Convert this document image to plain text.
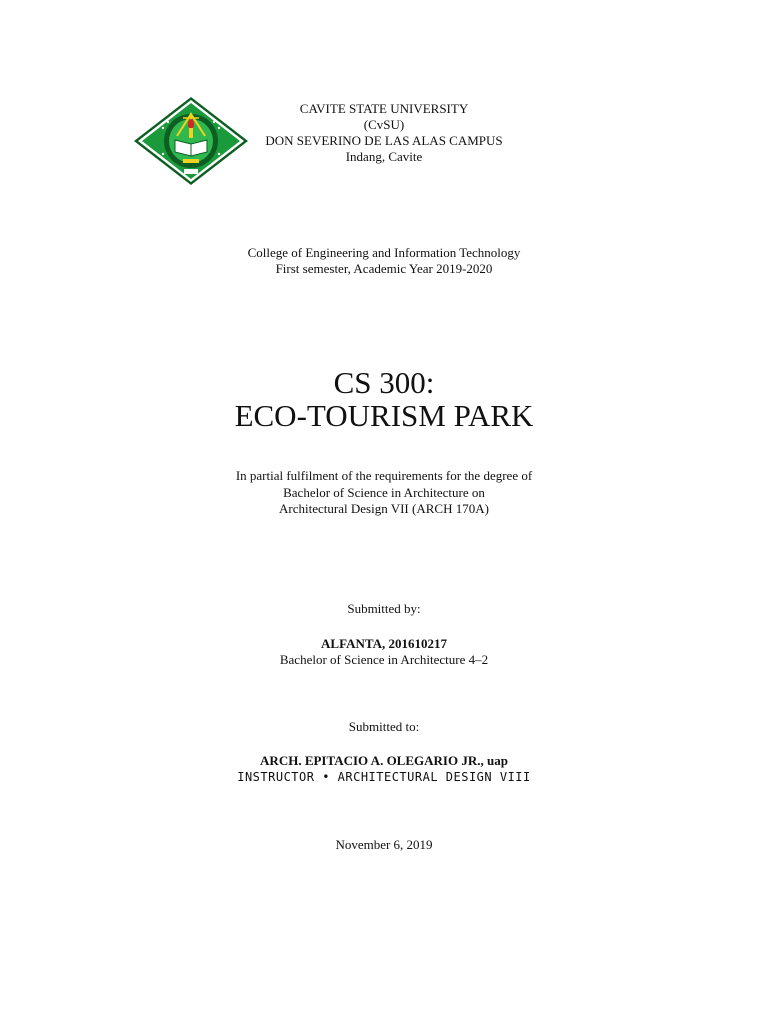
CAVITE STATE UNIVERSITY
(CvSU)
DON SEVERINO DE LAS ALAS CAMPUS
Indang, Cavite
College of Engineering and Information Technology
First semester, Academic Year 2019-2020
CS 300:
ECO-TOURISM PARK
In partial fulfilment of the requirements for the degree of
Bachelor of Science in Architecture on
Architectural Design VII (ARCH 170A)
Submitted by:
ALFANTA, 201610217
Bachelor of Science in Architecture 4–2
Submitted to:
ARCH. EPITACIO A. OLEGARIO JR., uap
INSTRUCTOR • ARCHITECTURAL DESIGN VIII
November 6, 2019
